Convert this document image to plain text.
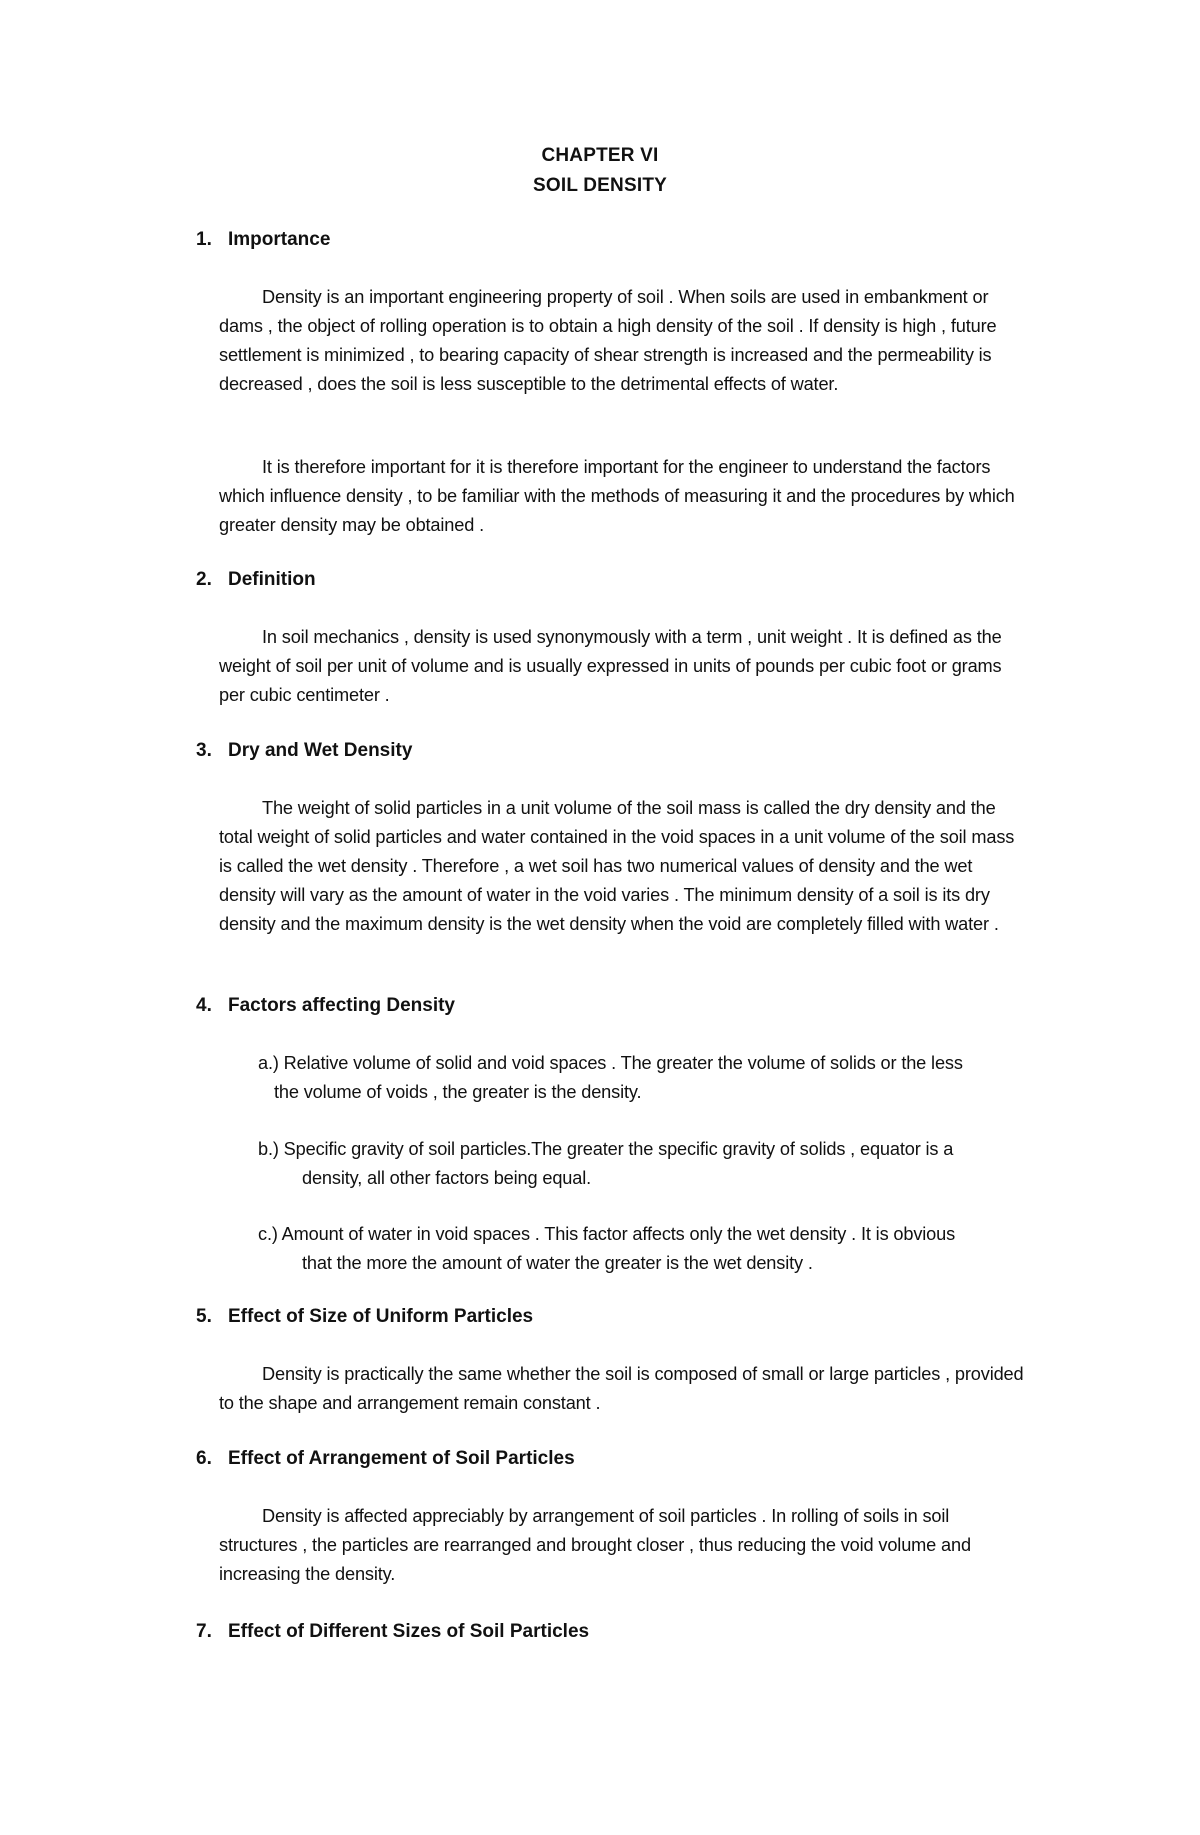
CHAPTER VI
SOIL DENSITY
1. Importance

Density is an important engineering property of soil . When soils are used in embankment or dams , the object of rolling operation is to obtain a high density of the soil . If density is high , future settlement is minimized , to bearing capacity of shear strength is increased and the permeability is decreased , does the soil is less susceptible to the detrimental effects of water.

It is therefore important for it is therefore important for the engineer to understand the factors which influence density , to be familiar with the methods of measuring it and the procedures by which greater density may be obtained .

2. Definition

In soil mechanics , density is used synonymously with a term , unit weight . It is defined as the weight of soil per unit of volume and is usually expressed in units of pounds per cubic foot or grams per cubic centimeter .

3. Dry and Wet Density

The weight of solid particles in a unit volume of the soil mass is called the dry density and the total weight of solid particles and water contained in the void spaces in a unit volume of the soil mass is called the wet density . Therefore , a wet soil has two numerical values of density and the wet density will vary as the amount of water in the void varies . The minimum density of a soil is its dry density and the maximum density is the wet density when the void are completely filled with water .

4. Factors affecting Density

a.) Relative volume of solid and void spaces . The greater the volume of solids or the less
the volume of voids , the greater is the density.

b.) Specific gravity of soil particles.The greater the specific gravity of solids , equator is a
density, all other factors being equal.

c.) Amount of water in void spaces . This factor affects only the wet density . It is obvious
that the more the amount of water the greater is the wet density .

5. Effect of Size of Uniform Particles

Density is practically the same whether the soil is composed of small or large particles , provided to the shape and arrangement remain constant .

6. Effect of Arrangement of Soil Particles

Density is affected appreciably by arrangement of soil particles . In rolling of soils in soil structures , the particles are rearranged and brought closer , thus reducing the void volume and increasing the density.

7. Effect of Different Sizes of Soil Particles
